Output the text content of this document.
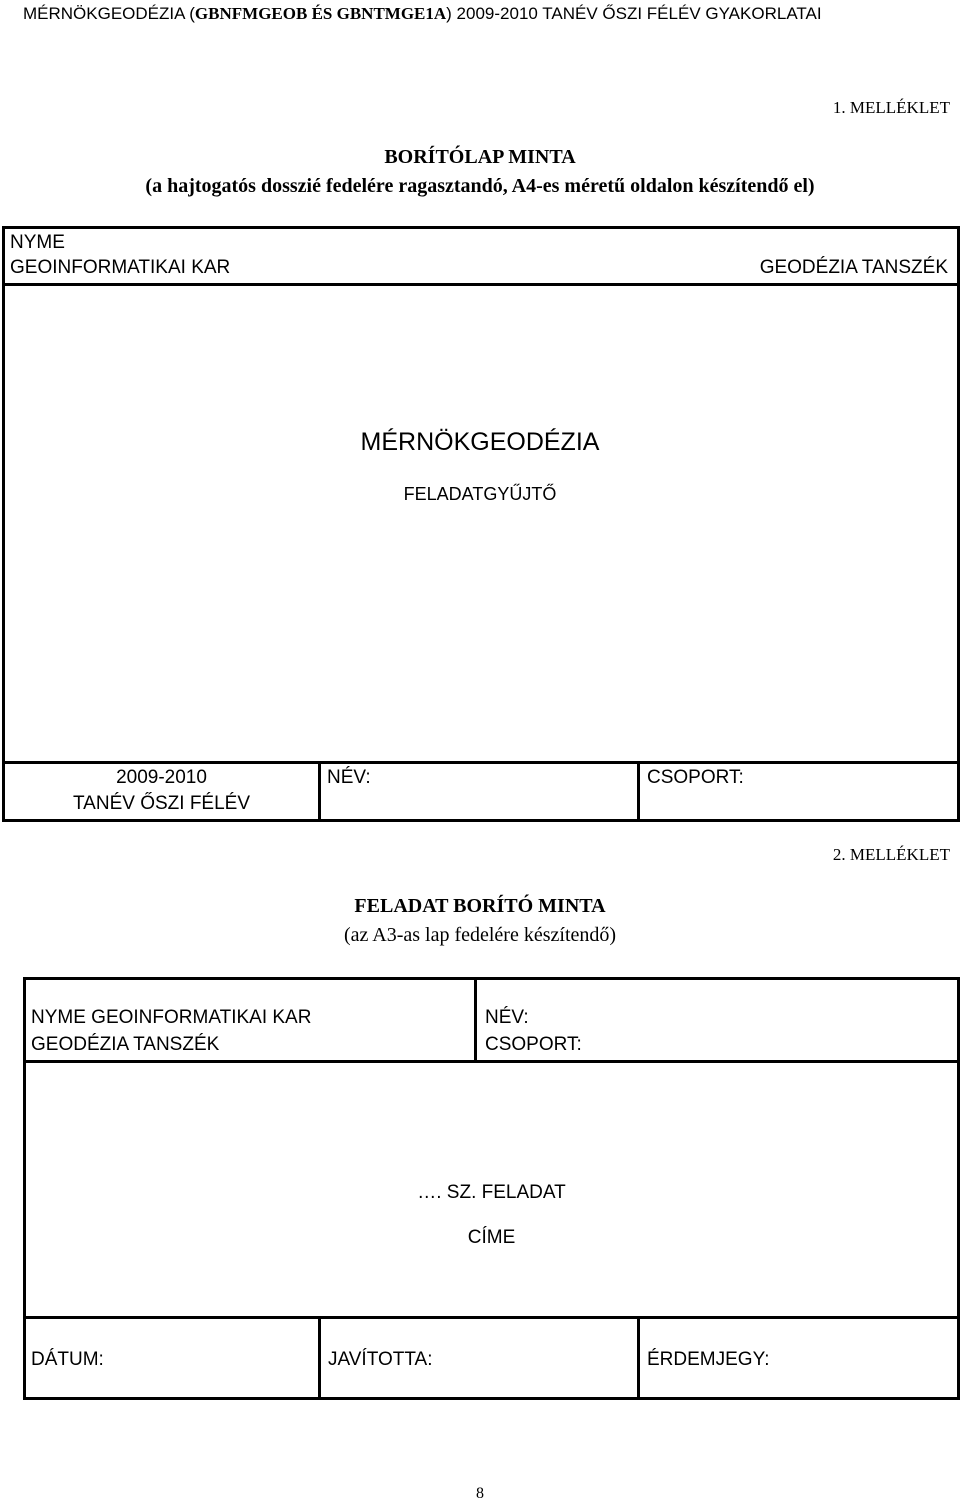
MÉRNÖKGEODÉZIA (GBNFMGEOB ÉS GBNTMGE1A) 2009-2010 TANÉV ŐSZI FÉLÉV GYAKORLATAI
1. MELLÉKLET
BORÍTÓLAP MINTA
(a hajtogatós dosszié fedelére ragasztandó, A4-es méretű oldalon készítendő el)
NYME
GEOINFORMATIKAI KAR	GEODÉZIA TANSZÉK
MÉRNÖKGEODÉZIA
FELADATGYŰJTŐ
2009-2010
TANÉV ŐSZI FÉLÉV
NÉV:	CSOPORT:
2. MELLÉKLET
FELADAT BORÍTÓ MINTA
(az A3-as lap fedelére készítendő)
NYME GEOINFORMATIKAI KAR
GEODÉZIA TANSZÉK
NÉV:
CSOPORT:
…. SZ. FELADAT
CÍME
DÁTUM:	JAVÍTOTTA:	ÉRDEMJEGY:
8
